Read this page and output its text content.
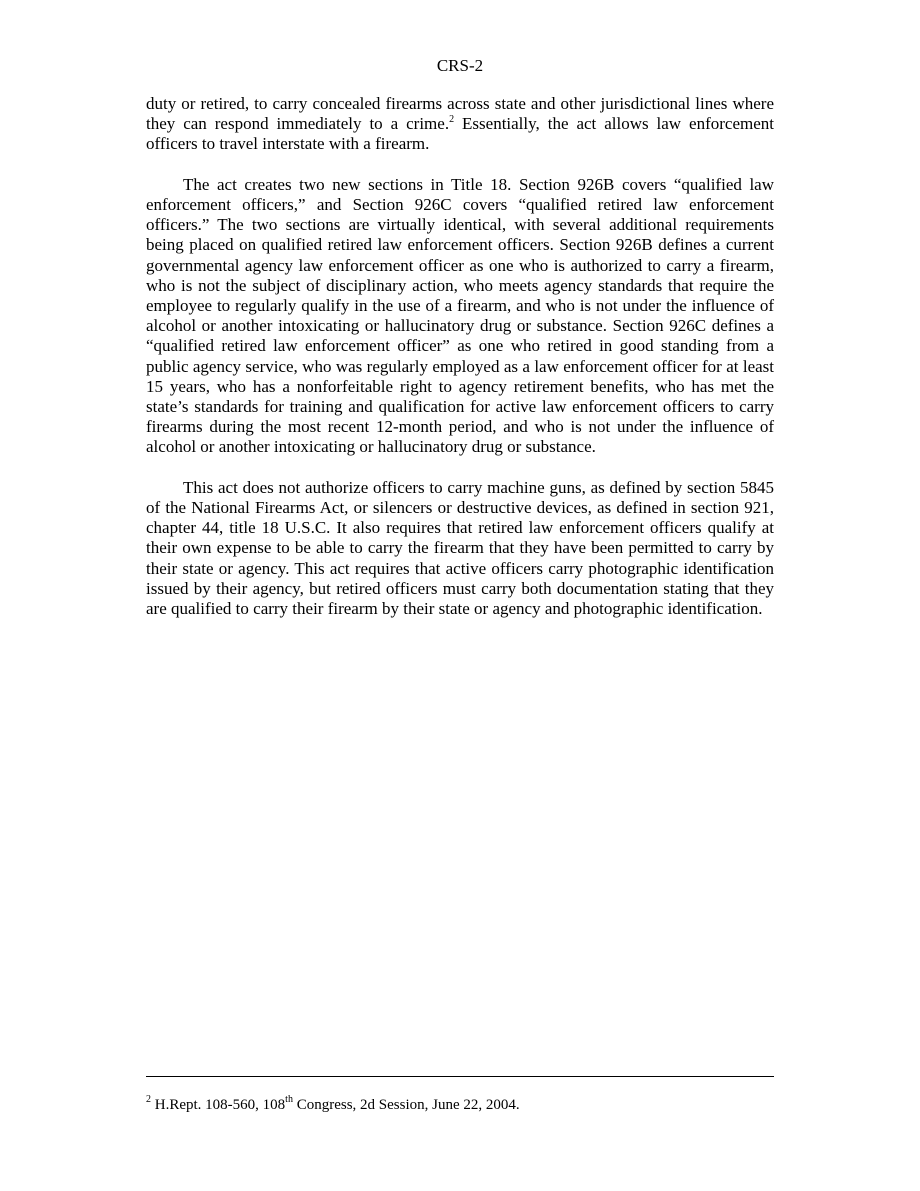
CRS-2

duty or retired, to carry concealed firearms across state and other jurisdictional lines where they can respond immediately to a crime.$^2$ Essentially, the act allows law enforcement officers to travel interstate with a firearm.

The act creates two new sections in Title 18. Section 926B covers “qualified law enforcement officers,” and Section 926C covers “qualified retired law enforcement officers.” The two sections are virtually identical, with several additional requirements being placed on qualified retired law enforcement officers. Section 926B defines a current governmental agency law enforcement officer as one who is authorized to carry a firearm, who is not the subject of disciplinary action, who meets agency standards that require the employee to regularly qualify in the use of a firearm, and who is not under the influence of alcohol or another intoxicating or hallucinatory drug or substance. Section 926C defines a “qualified retired law enforcement officer” as one who retired in good standing from a public agency service, who was regularly employed as a law enforcement officer for at least 15 years, who has a nonforfeitable right to agency retirement benefits, who has met the state’s standards for training and qualification for active law enforcement officers to carry firearms during the most recent 12-month period, and who is not under the influence of alcohol or another intoxicating or hallucinatory drug or substance.

This act does not authorize officers to carry machine guns, as defined by section 5845 of the National Firearms Act, or silencers or destructive devices, as defined in section 921, chapter 44, title 18 U.S.C. It also requires that retired law enforcement officers qualify at their own expense to be able to carry the firearm that they have been permitted to carry by their state or agency. This act requires that active officers carry photographic identification issued by their agency, but retired officers must carry both documentation stating that they are qualified to carry their firearm by their state or agency and photographic identification.

$^2$ H.Rept. 108-560, 108th Congress, 2d Session, June 22, 2004.
